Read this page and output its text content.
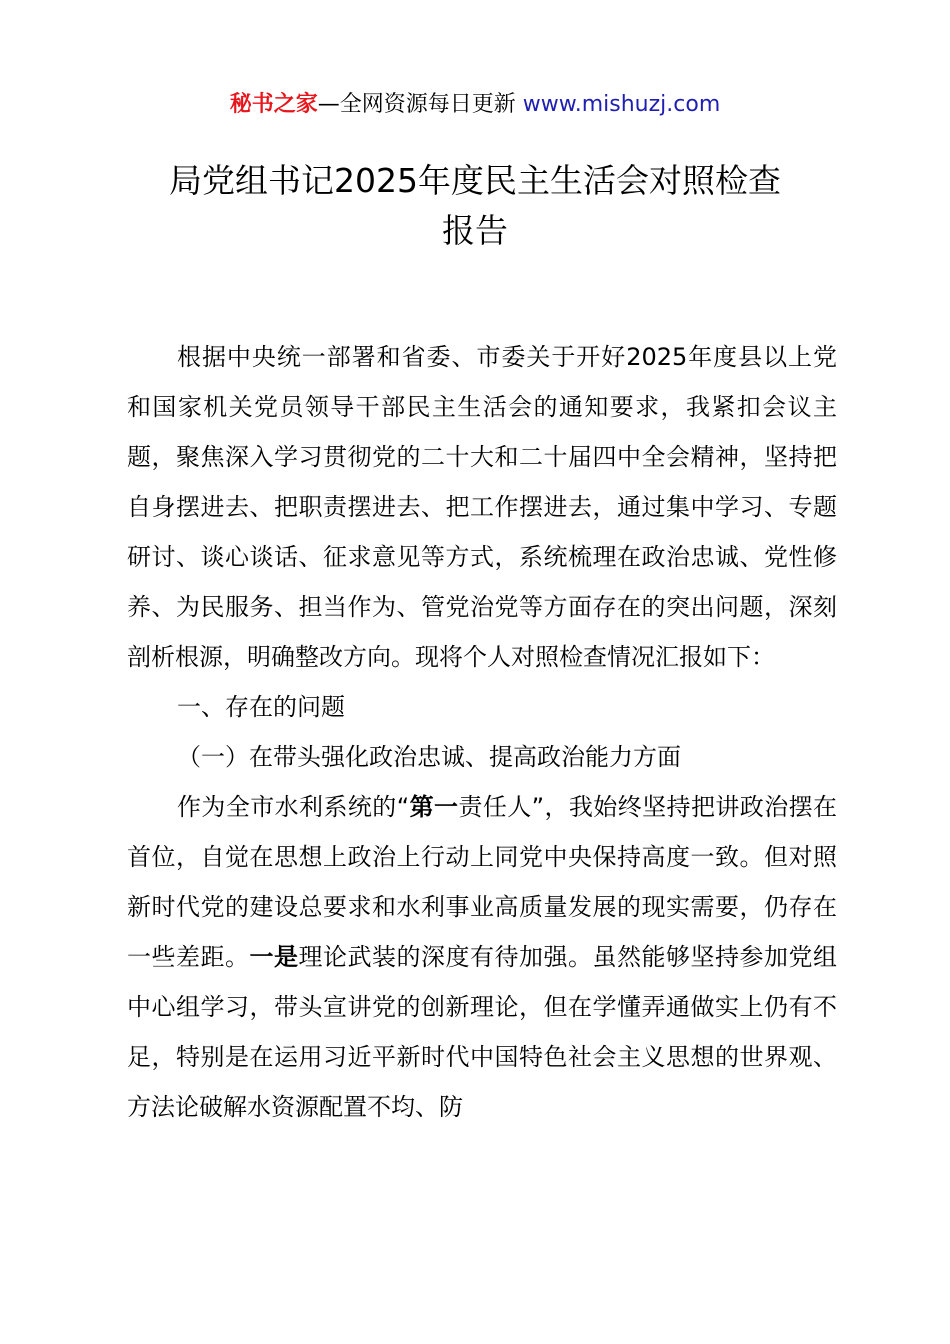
秘书之家—全网资源每日更新 www.mishuzj.com
局党组书记2025年度民主生活会对照检查
报告

根据中央统一部署和省委、市委关于开好2025年度县以上党和国家机关党员领导干部民主生活会的通知要求，我紧扣会议主题，聚焦深入学习贯彻党的二十大和二十届四中全会精神，坚持把自身摆进去、把职责摆进去、把工作摆进去，通过集中学习、专题研讨、谈心谈话、征求意见等方式，系统梳理在政治忠诚、党性修养、为民服务、担当作为、管党治党等方面存在的突出问题，深刻剖析根源，明确整改方向。现将个人对照检查情况汇报如下：

一、存在的问题

（一）在带头强化政治忠诚、提高政治能力方面

作为全市水利系统的“第一责任人”，我始终坚持把讲政治摆在首位，自觉在思想上政治上行动上同党中央保持高度一致。但对照新时代党的建设总要求和水利事业高质量发展的现实需要，仍存在一些差距。一是理论武装的深度有待加强。虽然能够坚持参加党组中心组学习，带头宣讲党的创新理论，但在学懂弄通做实上仍有不足，特别是在运用习近平新时代中国特色社会主义思想的世界观、方法论破解水资源配置不均、防
